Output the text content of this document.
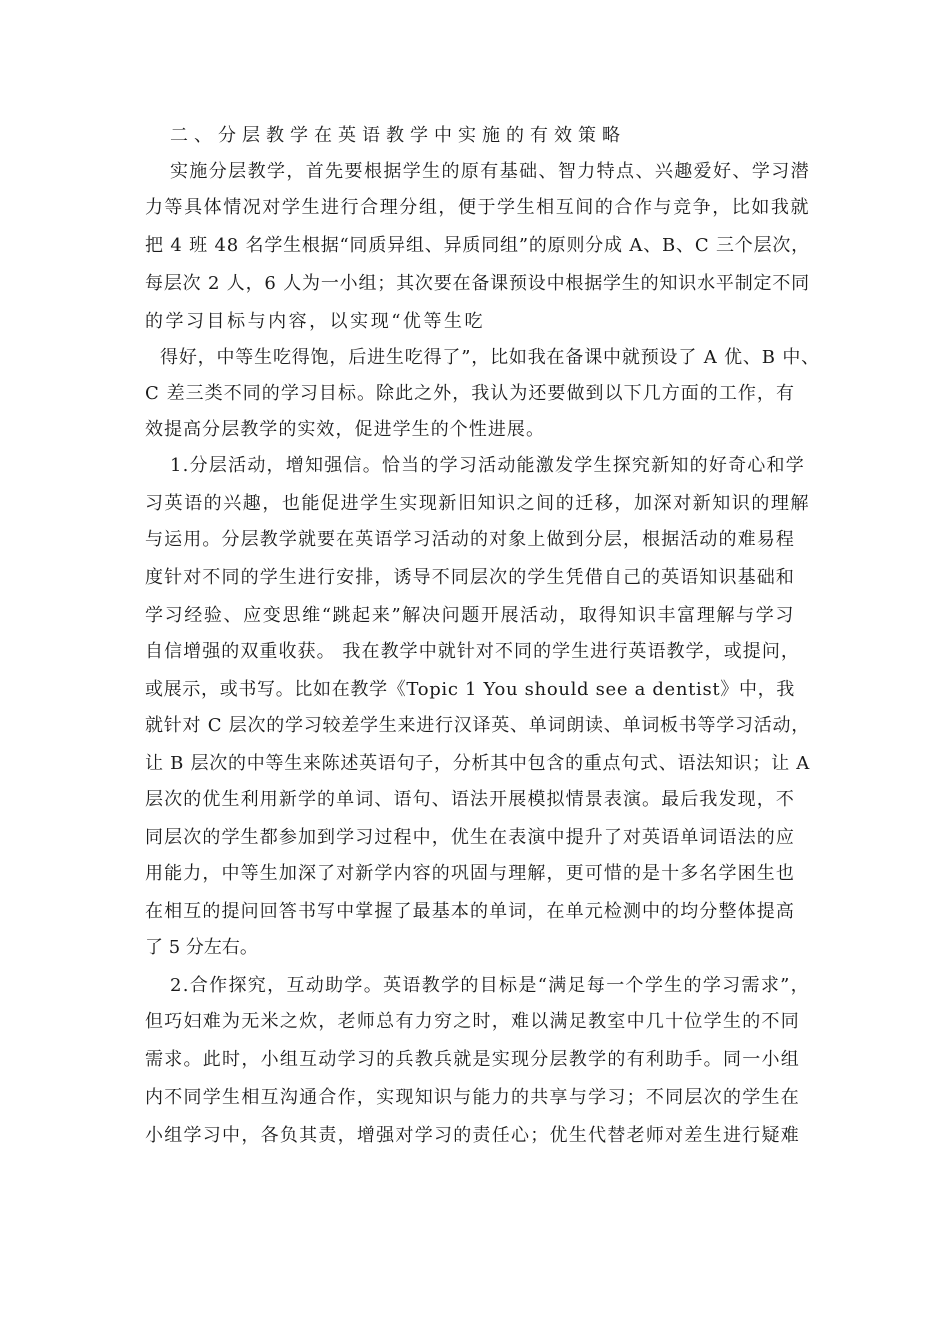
二、分层教学在英语教学中实施的有效策略

实施分层教学，首先要根据学生的原有基础、智力特点、兴趣爱好、学习潜

力等具体情况对学生进行合理分组，便于学生相互间的合作与竞争，比如我就

把 4 班 48 名学生根据“同质异组、异质同组”的原则分成 A、B、C 三个层次，

每层次 2 人，6 人为一小组；其次要在备课预设中根据学生的知识水平制定不同

的学习目标与内容，以实现“优等生吃

得好，中等生吃得饱，后进生吃得了”，比如我在备课中就预设了 A 优、B 中、

C 差三类不同的学习目标。除此之外，我认为还要做到以下几方面的工作，有

效提高分层教学的实效，促进学生的个性进展。

1.分层活动，增知强信。恰当的学习活动能激发学生探究新知的好奇心和学

习英语的兴趣，也能促进学生实现新旧知识之间的迁移，加深对新知识的理解

与运用。分层教学就要在英语学习活动的对象上做到分层，根据活动的难易程

度针对不同的学生进行安排，诱导不同层次的学生凭借自己的英语知识基础和

学习经验、应变思维“跳起来”解决问题开展活动，取得知识丰富理解与学习

自信增强的双重收获。 我在教学中就针对不同的学生进行英语教学，或提问，

或展示，或书写。比如在教学《Topic 1 You should see a dentist》中，我

就针对 C 层次的学习较差学生来进行汉译英、单词朗读、单词板书等学习活动，

让 B 层次的中等生来陈述英语句子，分析其中包含的重点句式、语法知识；让 A

层次的优生利用新学的单词、语句、语法开展模拟情景表演。最后我发现，不

同层次的学生都参加到学习过程中，优生在表演中提升了对英语单词语法的应

用能力，中等生加深了对新学内容的巩固与理解，更可惜的是十多名学困生也

在相互的提问回答书写中掌握了最基本的单词，在单元检测中的均分整体提高

了 5 分左右。

2.合作探究，互动助学。英语教学的目标是“满足每一个学生的学习需求”，

但巧妇难为无米之炊，老师总有力穷之时，难以满足教室中几十位学生的不同

需求。此时，小组互动学习的兵教兵就是实现分层教学的有利助手。同一小组

内不同学生相互沟通合作，实现知识与能力的共享与学习；不同层次的学生在

小组学习中，各负其责，增强对学习的责任心；优生代替老师对差生进行疑难
